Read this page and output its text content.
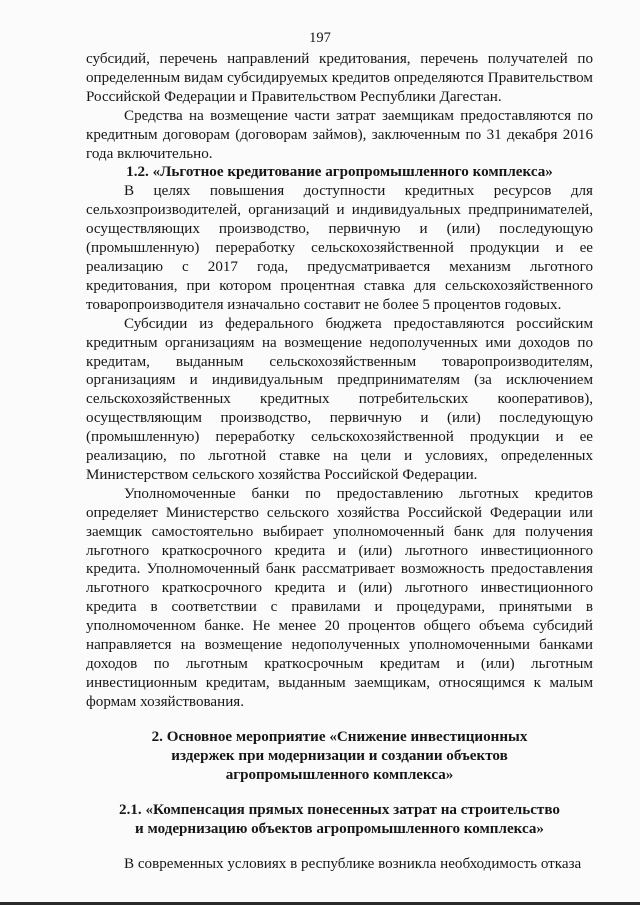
197

субсидий, перечень направлений кредитования, перечень получателей по определенным видам субсидируемых кредитов определяются Правительством Российской Федерации и Правительством Республики Дагестан.

Средства на возмещение части затрат заемщикам предоставляются по кредитным договорам (договорам займов), заключенным по 31 декабря 2016 года включительно.

1.2. «Льготное кредитование агропромышленного комплекса»

В целях повышения доступности кредитных ресурсов для сельхозпроизводителей, организаций и индивидуальных предпринимателей, осуществляющих производство, первичную и (или) последующую (промышленную) переработку сельскохозяйственной продукции и ее реализацию с 2017 года, предусматривается механизм льготного кредитования, при котором процентная ставка для сельскохозяйственного товаропроизводителя изначально составит не более 5 процентов годовых.

Субсидии из федерального бюджета предоставляются российским кредитным организациям на возмещение недополученных ими доходов по кредитам, выданным сельскохозяйственным товаропроизводителям, организациям и индивидуальным предпринимателям (за исключением сельскохозяйственных кредитных потребительских кооперативов), осуществляющим производство, первичную и (или) последующую (промышленную) переработку сельскохозяйственной продукции и ее реализацию, по льготной ставке на цели и условиях, определенных Министерством сельского хозяйства Российской Федерации.

Уполномоченные банки по предоставлению льготных кредитов определяет Министерство сельского хозяйства Российской Федерации или заемщик самостоятельно выбирает уполномоченный банк для получения льготного краткосрочного кредита и (или) льготного инвестиционного кредита. Уполномоченный банк рассматривает возможность предоставления льготного краткосрочного кредита и (или) льготного инвестиционного кредита в соответствии с правилами и процедурами, принятыми в уполномоченном банке. Не менее 20 процентов общего объема субсидий направляется на возмещение недополученных уполномоченными банками доходов по льготным краткосрочным кредитам и (или) льготным инвестиционным кредитам, выданным заемщикам, относящимся к малым формам хозяйствования.

2. Основное мероприятие «Снижение инвестиционных
издержек при модернизации и создании объектов
агропромышленного комплекса»
2.1. «Компенсация прямых понесенных затрат на строительство
и модернизацию объектов агропромышленного комплекса»

В современных условиях в республике возникла необходимость отказа
